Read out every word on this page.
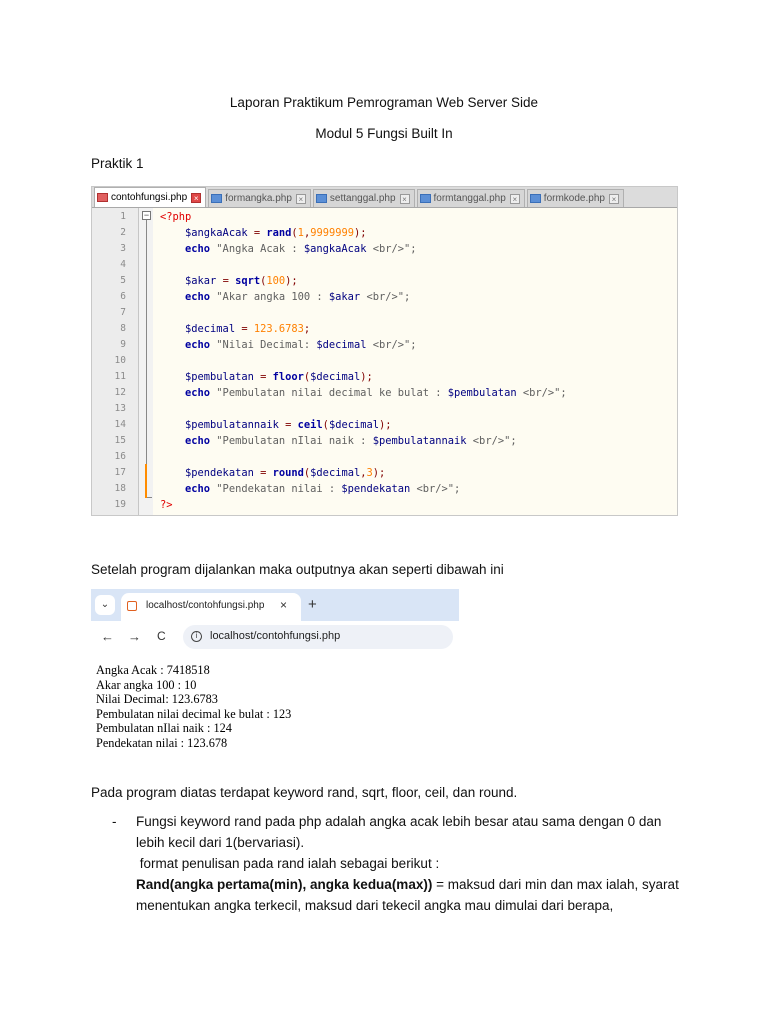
Laporan Praktikum Pemrograman Web Server Side
Modul 5 Fungsi Built In
Praktik 1
contohfungsi.php ×	formangka.php ×	settanggal.php ×	formtanggal.php ×	formkode.php ×
−
1	<?php
2	$angkaAcak = rand(1,9999999);
3	echo "Angka Acak : $angkaAcak <br/>";
4
5	$akar = sqrt(100);
6	echo "Akar angka 100 : $akar <br/>";
7
8	$decimal = 123.6783;
9	echo "Nilai Decimal: $decimal <br/>";
10
11	$pembulatan = floor($decimal);
12	echo "Pembulatan nilai decimal ke bulat : $pembulatan <br/>";
13
14	$pembulatannaik = ceil($decimal);
15	echo "Pembulatan nIlai naik : $pembulatannaik <br/>";
16
17	$pendekatan = round($decimal,3);
18	echo "Pendekatan nilai : $pendekatan <br/>";
19	?>
Setelah program dijalankan maka outputnya akan seperti dibawah ini
⌄	localhost/contohfungsi.php × +
← → C	i	localhost/contohfungsi.php
Angka Acak : 7418518
Akar angka 100 : 10
Nilai Decimal: 123.6783
Pembulatan nilai decimal ke bulat : 123
Pembulatan nIlai naik : 124
Pendekatan nilai : 123.678
Pada program diatas terdapat keyword rand, sqrt, floor, ceil, dan round.
- Fungsi keyword rand pada php adalah angka acak lebih besar atau sama dengan 0 dan
lebih kecil dari 1(bervariasi).
format penulisan pada rand ialah sebagai berikut :
Rand(angka pertama(min), angka kedua(max)) = maksud dari min dan max ialah, syarat
menentukan angka terkecil, maksud dari tekecil angka mau dimulai dari berapa,
